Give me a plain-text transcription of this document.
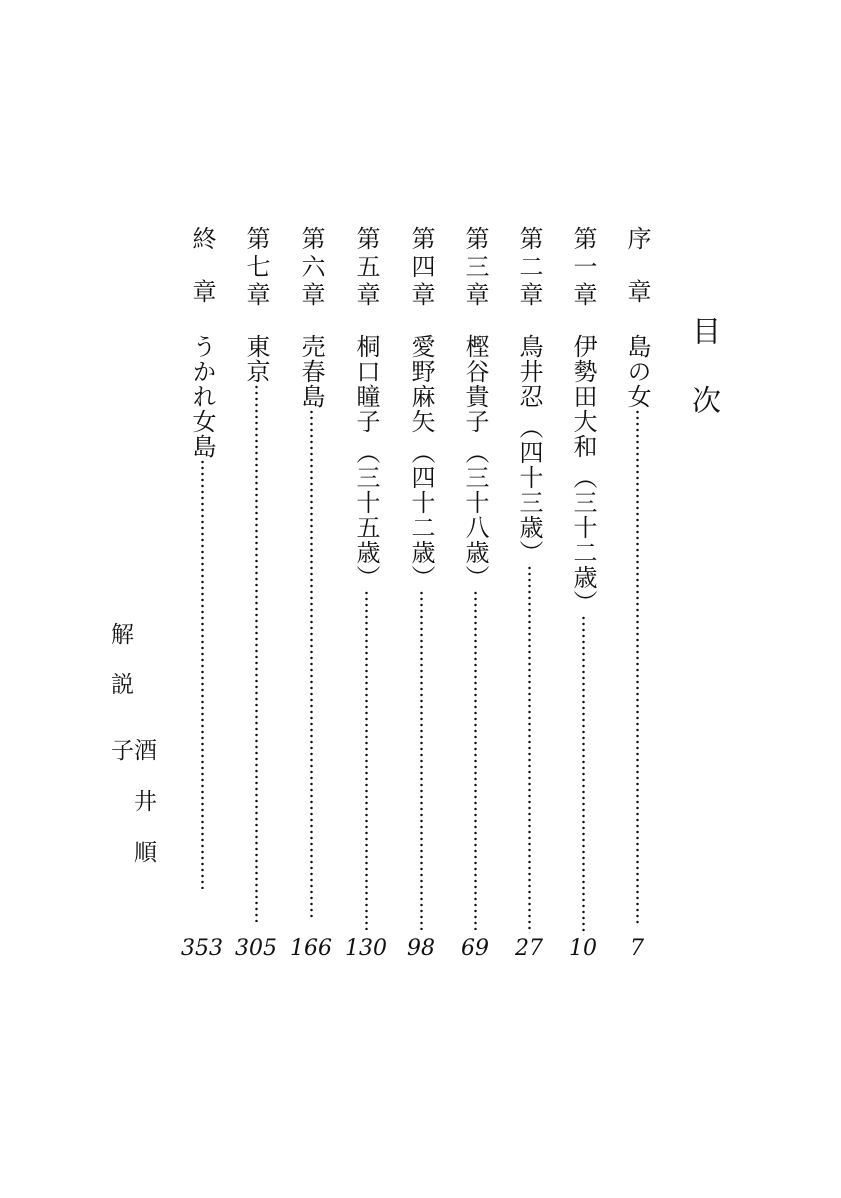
目次
序章
島の女
7
第一章
伊勢田大和
（三十二歳）
10
第二章
鳥井忍
（四十三歳）
27
第三章
樫谷貴子
（三十八歳）
69
第四章
愛野麻矢
（四十二歳）
98
第五章
桐口瞳子
（三十五歳）
130
第六章
売春島
166
第七章
東京
305
終章
うかれ女島
353
解説
酒井順子
